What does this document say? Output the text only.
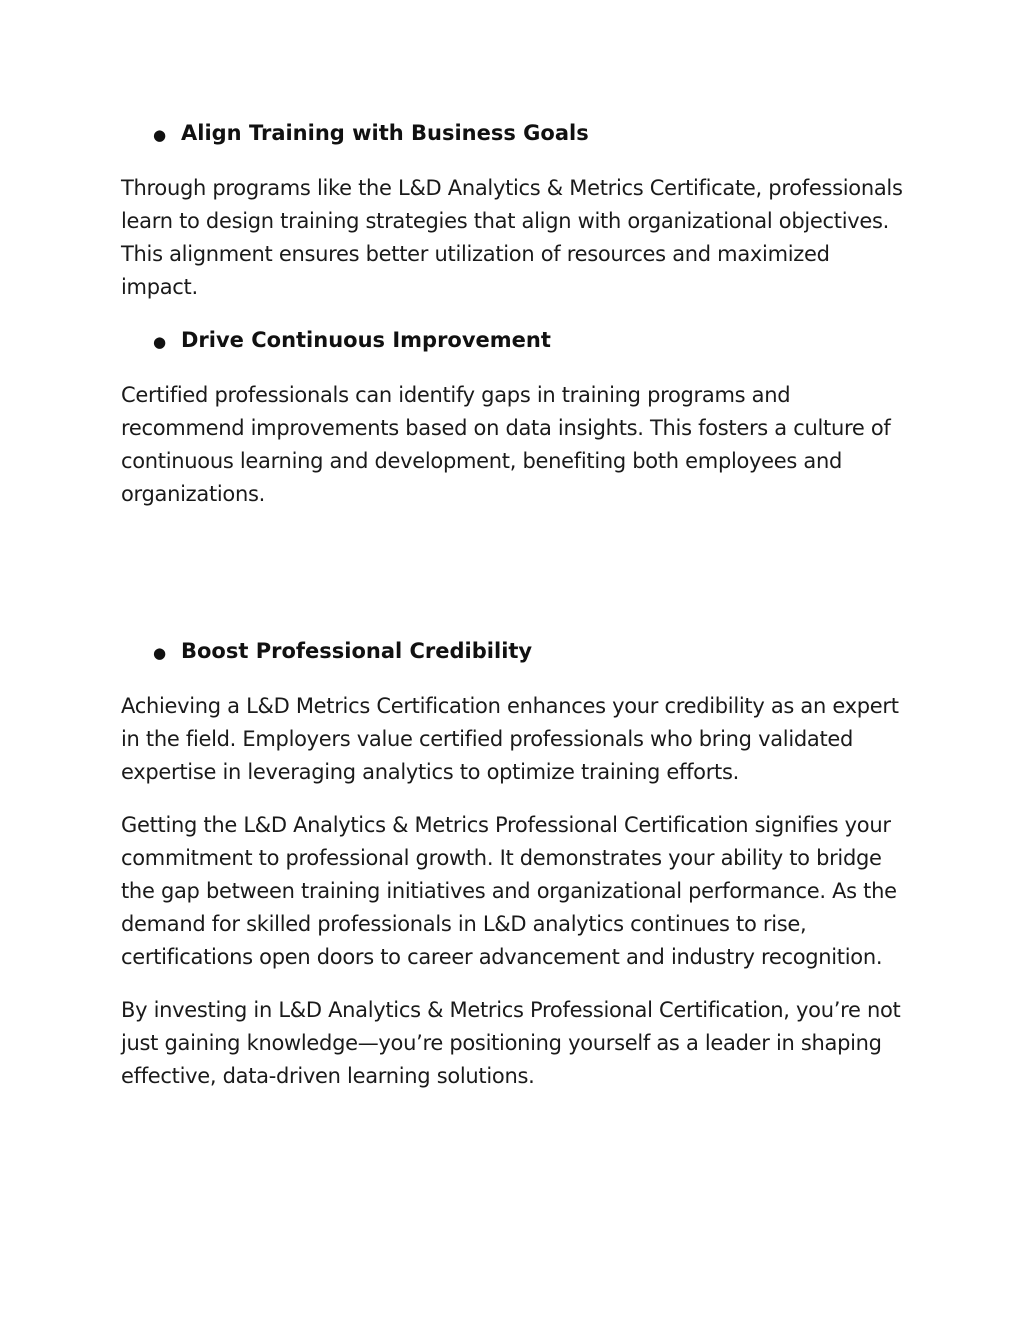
● Align Training with Business Goals

Through programs like the L&D Analytics & Metrics Certificate, professionals learn to design training strategies that align with organizational objectives. This alignment ensures better utilization of resources and maximized impact.

● Drive Continuous Improvement

Certified professionals can identify gaps in training programs and recommend improvements based on data insights. This fosters a culture of continuous learning and development, benefiting both employees and organizations.

● Boost Professional Credibility

Achieving a L&D Metrics Certification enhances your credibility as an expert in the field. Employers value certified professionals who bring validated expertise in leveraging analytics to optimize training efforts.

Getting the L&D Analytics & Metrics Professional Certification signifies your commitment to professional growth. It demonstrates your ability to bridge the gap between training initiatives and organizational performance. As the demand for skilled professionals in L&D analytics continues to rise, certifications open doors to career advancement and industry recognition.

By investing in L&D Analytics & Metrics Professional Certification, you’re not just gaining knowledge—you’re positioning yourself as a leader in shaping effective, data-driven learning solutions.
